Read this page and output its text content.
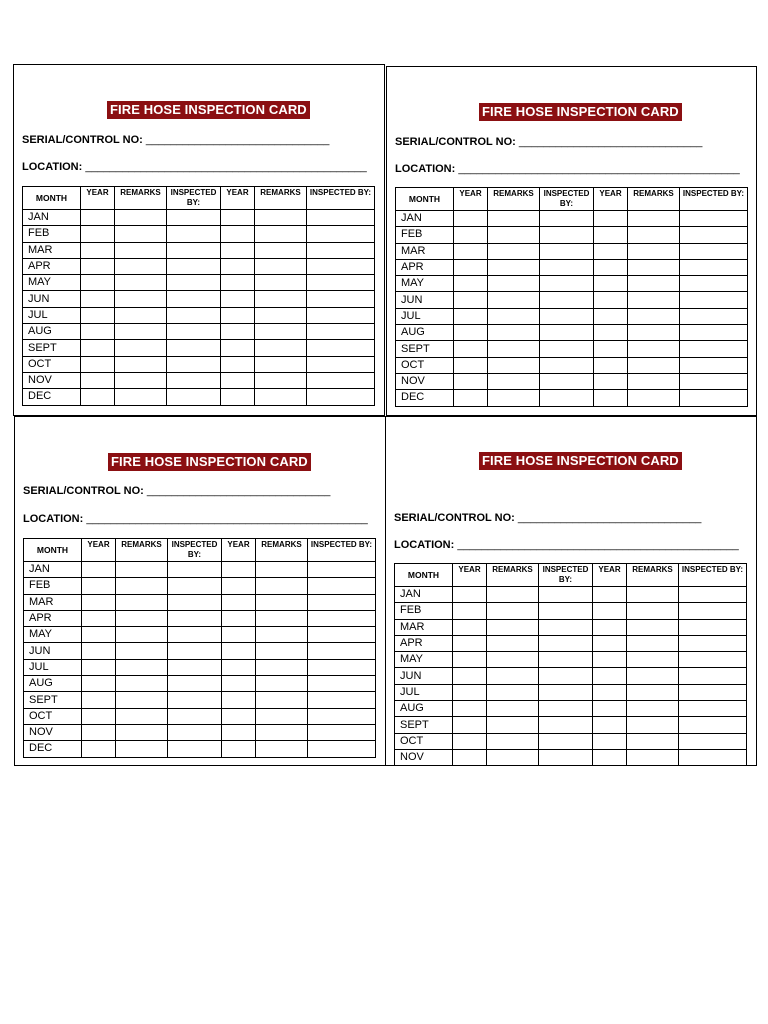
FIRE HOSE INSPECTION CARD
SERIAL/CONTROL NO: ______________________________
LOCATION: ______________________________________________
MONTH	YEAR	REMARKS	INSPECTED BY:	YEAR	REMARKS	INSPECTED BY:
JAN						
FEB						
MAR						
APR						
MAY						
JUN						
JUL						
AUG						
SEPT						
OCT						
NOV						
DEC						
FIRE HOSE INSPECTION CARD
SERIAL/CONTROL NO: ______________________________
LOCATION: ______________________________________________
MONTH	YEAR	REMARKS	INSPECTED BY:	YEAR	REMARKS	INSPECTED BY:
JAN						
FEB						
MAR						
APR						
MAY						
JUN						
JUL						
AUG						
SEPT						
OCT						
NOV						
DEC						
FIRE HOSE INSPECTION CARD
SERIAL/CONTROL NO: ______________________________
LOCATION: ______________________________________________
MONTH	YEAR	REMARKS	INSPECTED BY:	YEAR	REMARKS	INSPECTED BY:
JAN						
FEB						
MAR						
APR						
MAY						
JUN						
JUL						
AUG						
SEPT						
OCT						
NOV						
DEC						
FIRE HOSE INSPECTION CARD
SERIAL/CONTROL NO: ______________________________
LOCATION: ______________________________________________
MONTH	YEAR	REMARKS	INSPECTED BY:	YEAR	REMARKS	INSPECTED BY:
JAN						
FEB						
MAR						
APR						
MAY						
JUN						
JUL						
AUG						
SEPT						
OCT						
NOV						
